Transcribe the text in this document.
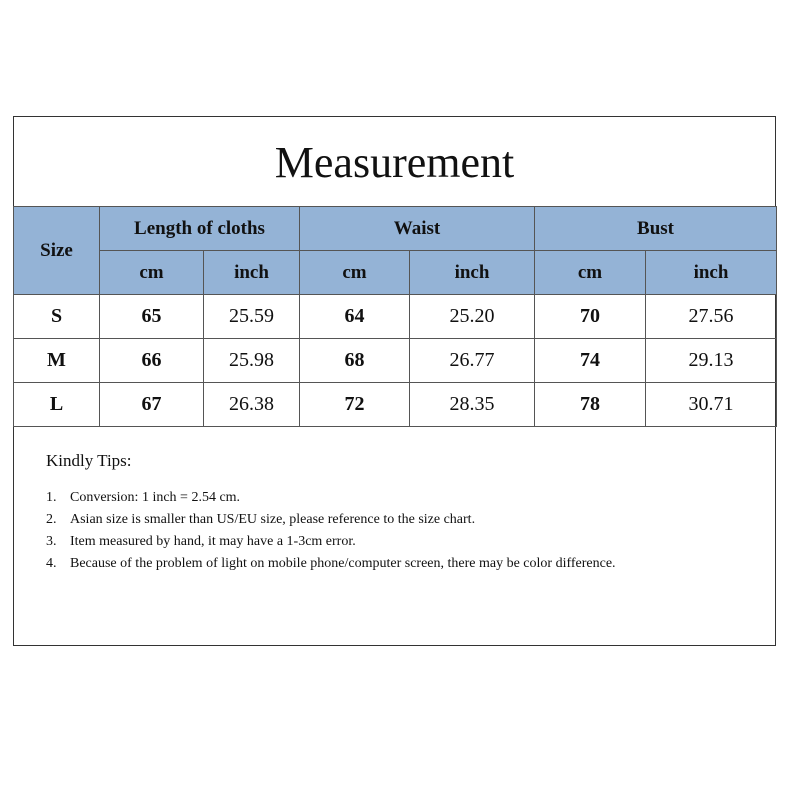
Measurement
Size	Length of cloths		Waist		Bust	
	cm	inch	cm	inch	cm	inch
S	65	25.59	64	25.20	70	27.56
M	66	25.98	68	26.77	74	29.13
L	67	26.38	72	28.35	78	30.71
Kindly Tips:
1. Conversion: 1 inch = 2.54 cm.
2. Asian size is smaller than US/EU size, please reference to the size chart.
3. Item measured by hand, it may have a 1-3cm error.
4. Because of the problem of light on mobile phone/computer screen, there may be color difference.
